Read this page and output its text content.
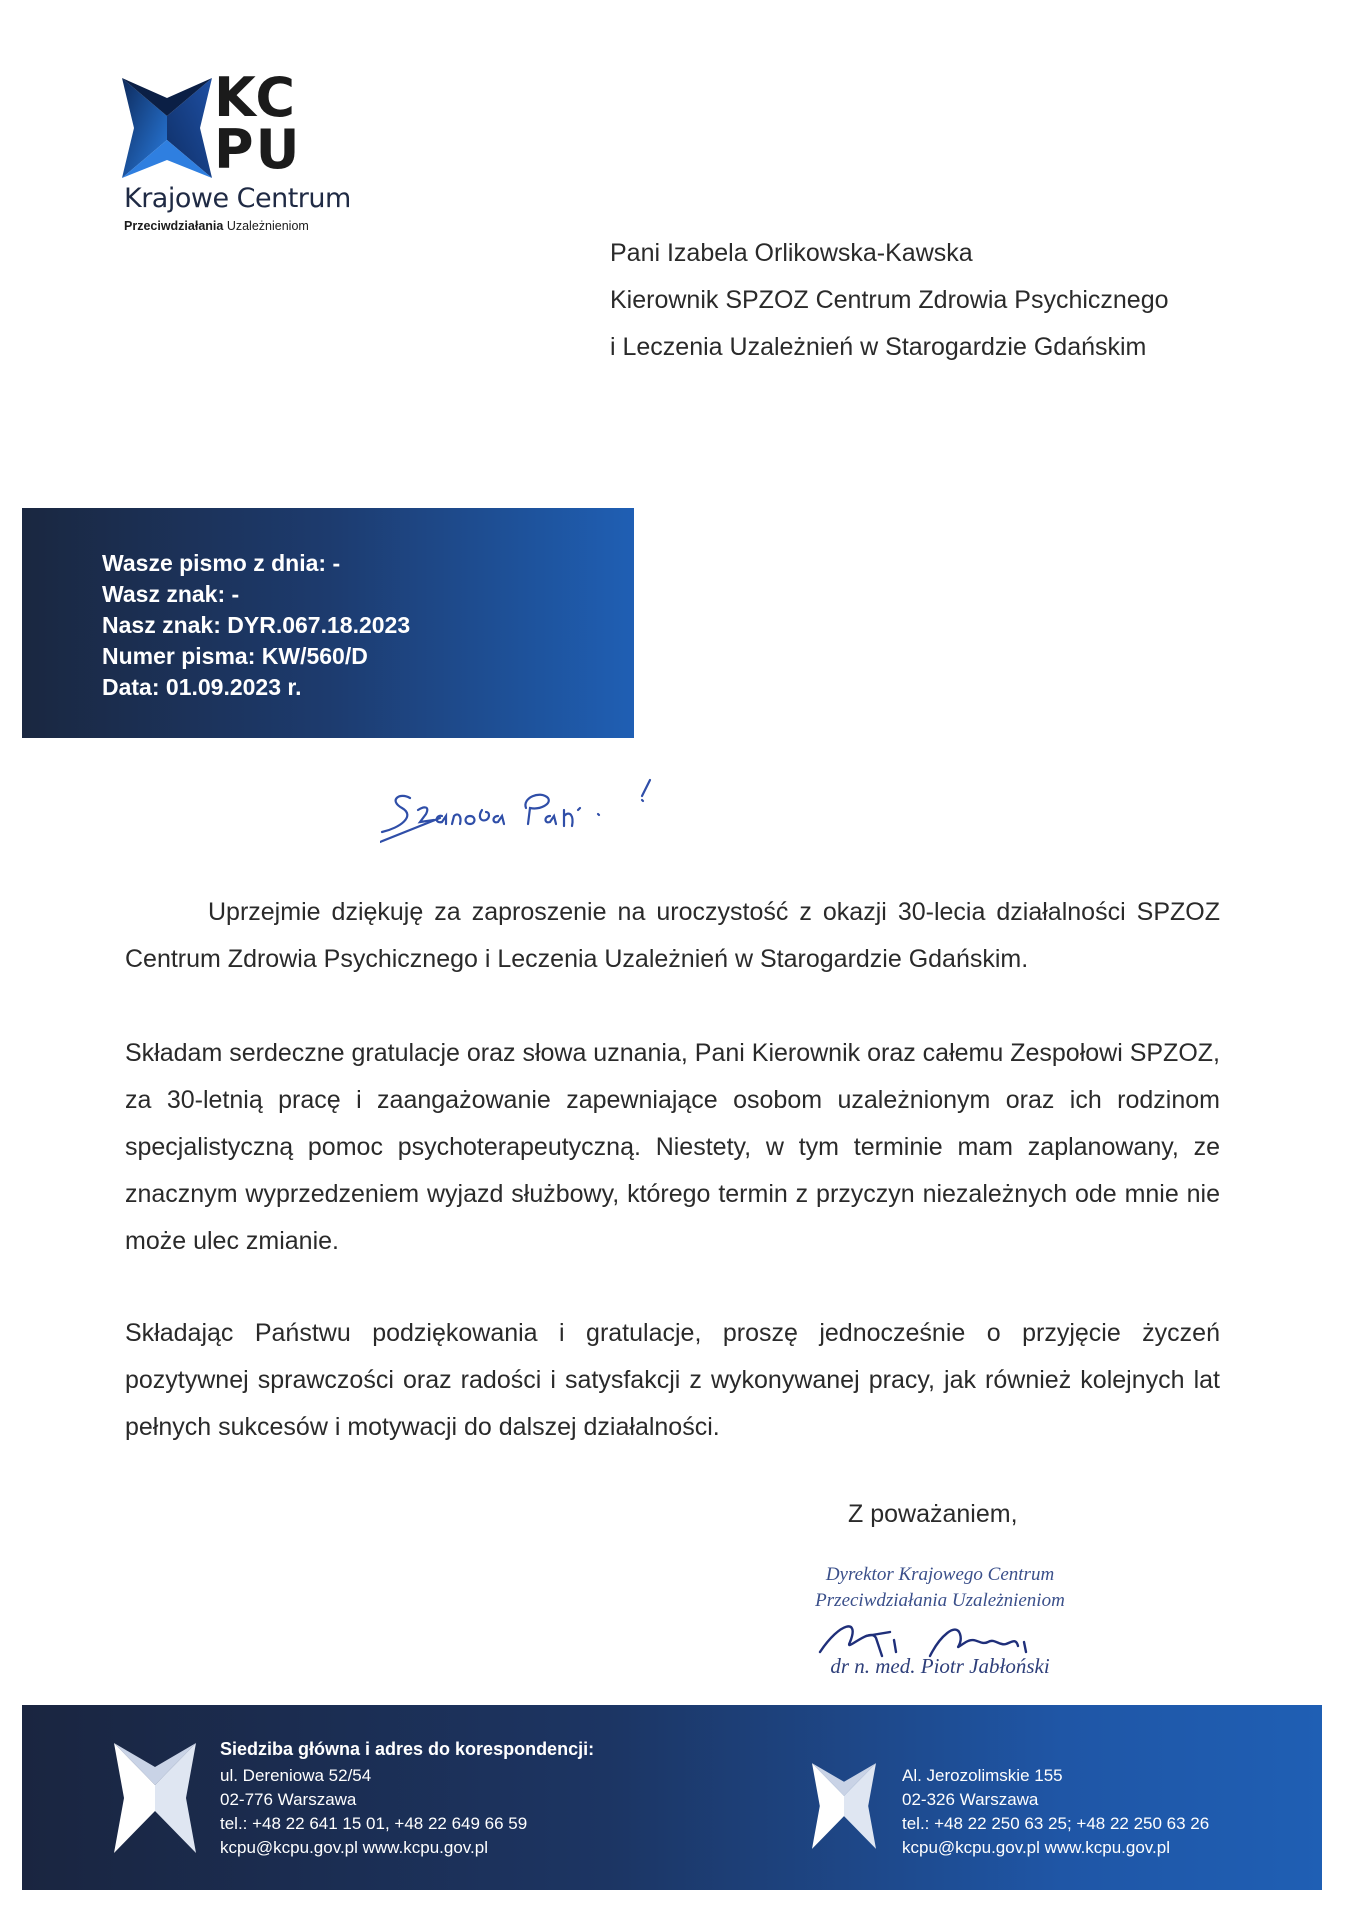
KC
PU
Krajowe Centrum
Przeciwdziałania Uzależnieniom
Pani Izabela Orlikowska-Kawska
Kierownik SPZOZ Centrum Zdrowia Psychicznego
i Leczenia Uzależnień w Starogardzie Gdańskim
Wasze pismo z dnia: -
Wasz znak: -
Nasz znak: DYR.067.18.2023
Numer pisma: KW/560/D
Data: 01.09.2023 r.

Uprzejmie dziękuję za zaproszenie na uroczystość z okazji 30-lecia działalności SPZOZ Centrum Zdrowia Psychicznego i Leczenia Uzależnień w Starogardzie Gdańskim.

Składam serdeczne gratulacje oraz słowa uznania, Pani Kierownik oraz całemu Zespołowi SPZOZ, za 30-letnią pracę i zaangażowanie zapewniające osobom uzależnionym oraz ich rodzinom specjalistyczną pomoc psychoterapeutyczną. Niestety, w tym terminie mam zaplanowany, ze znacznym wyprzedzeniem wyjazd służbowy, którego termin z przyczyn niezależnych ode mnie nie może ulec zmianie.

Składając Państwu podziękowania i gratulacje, proszę jednocześnie o przyjęcie życzeń pozytywnej sprawczości oraz radości i satysfakcji z wykonywanej pracy, jak również kolejnych lat pełnych sukcesów i motywacji do dalszej działalności.

Z poważaniem,
Dyrektor Krajowego Centrum
Przeciwdziałania Uzależnieniom
dr n. med. Piotr Jabłoński
Siedziba główna i adres do korespondencji:
ul. Dereniowa 52/54
02-776 Warszawa
tel.: +48 22 641 15 01, +48 22 649 66 59
kcpu@kcpu.gov.pl www.kcpu.gov.pl
Al. Jerozolimskie 155
02-326 Warszawa
tel.: +48 22 250 63 25; +48 22 250 63 26
kcpu@kcpu.gov.pl www.kcpu.gov.pl
